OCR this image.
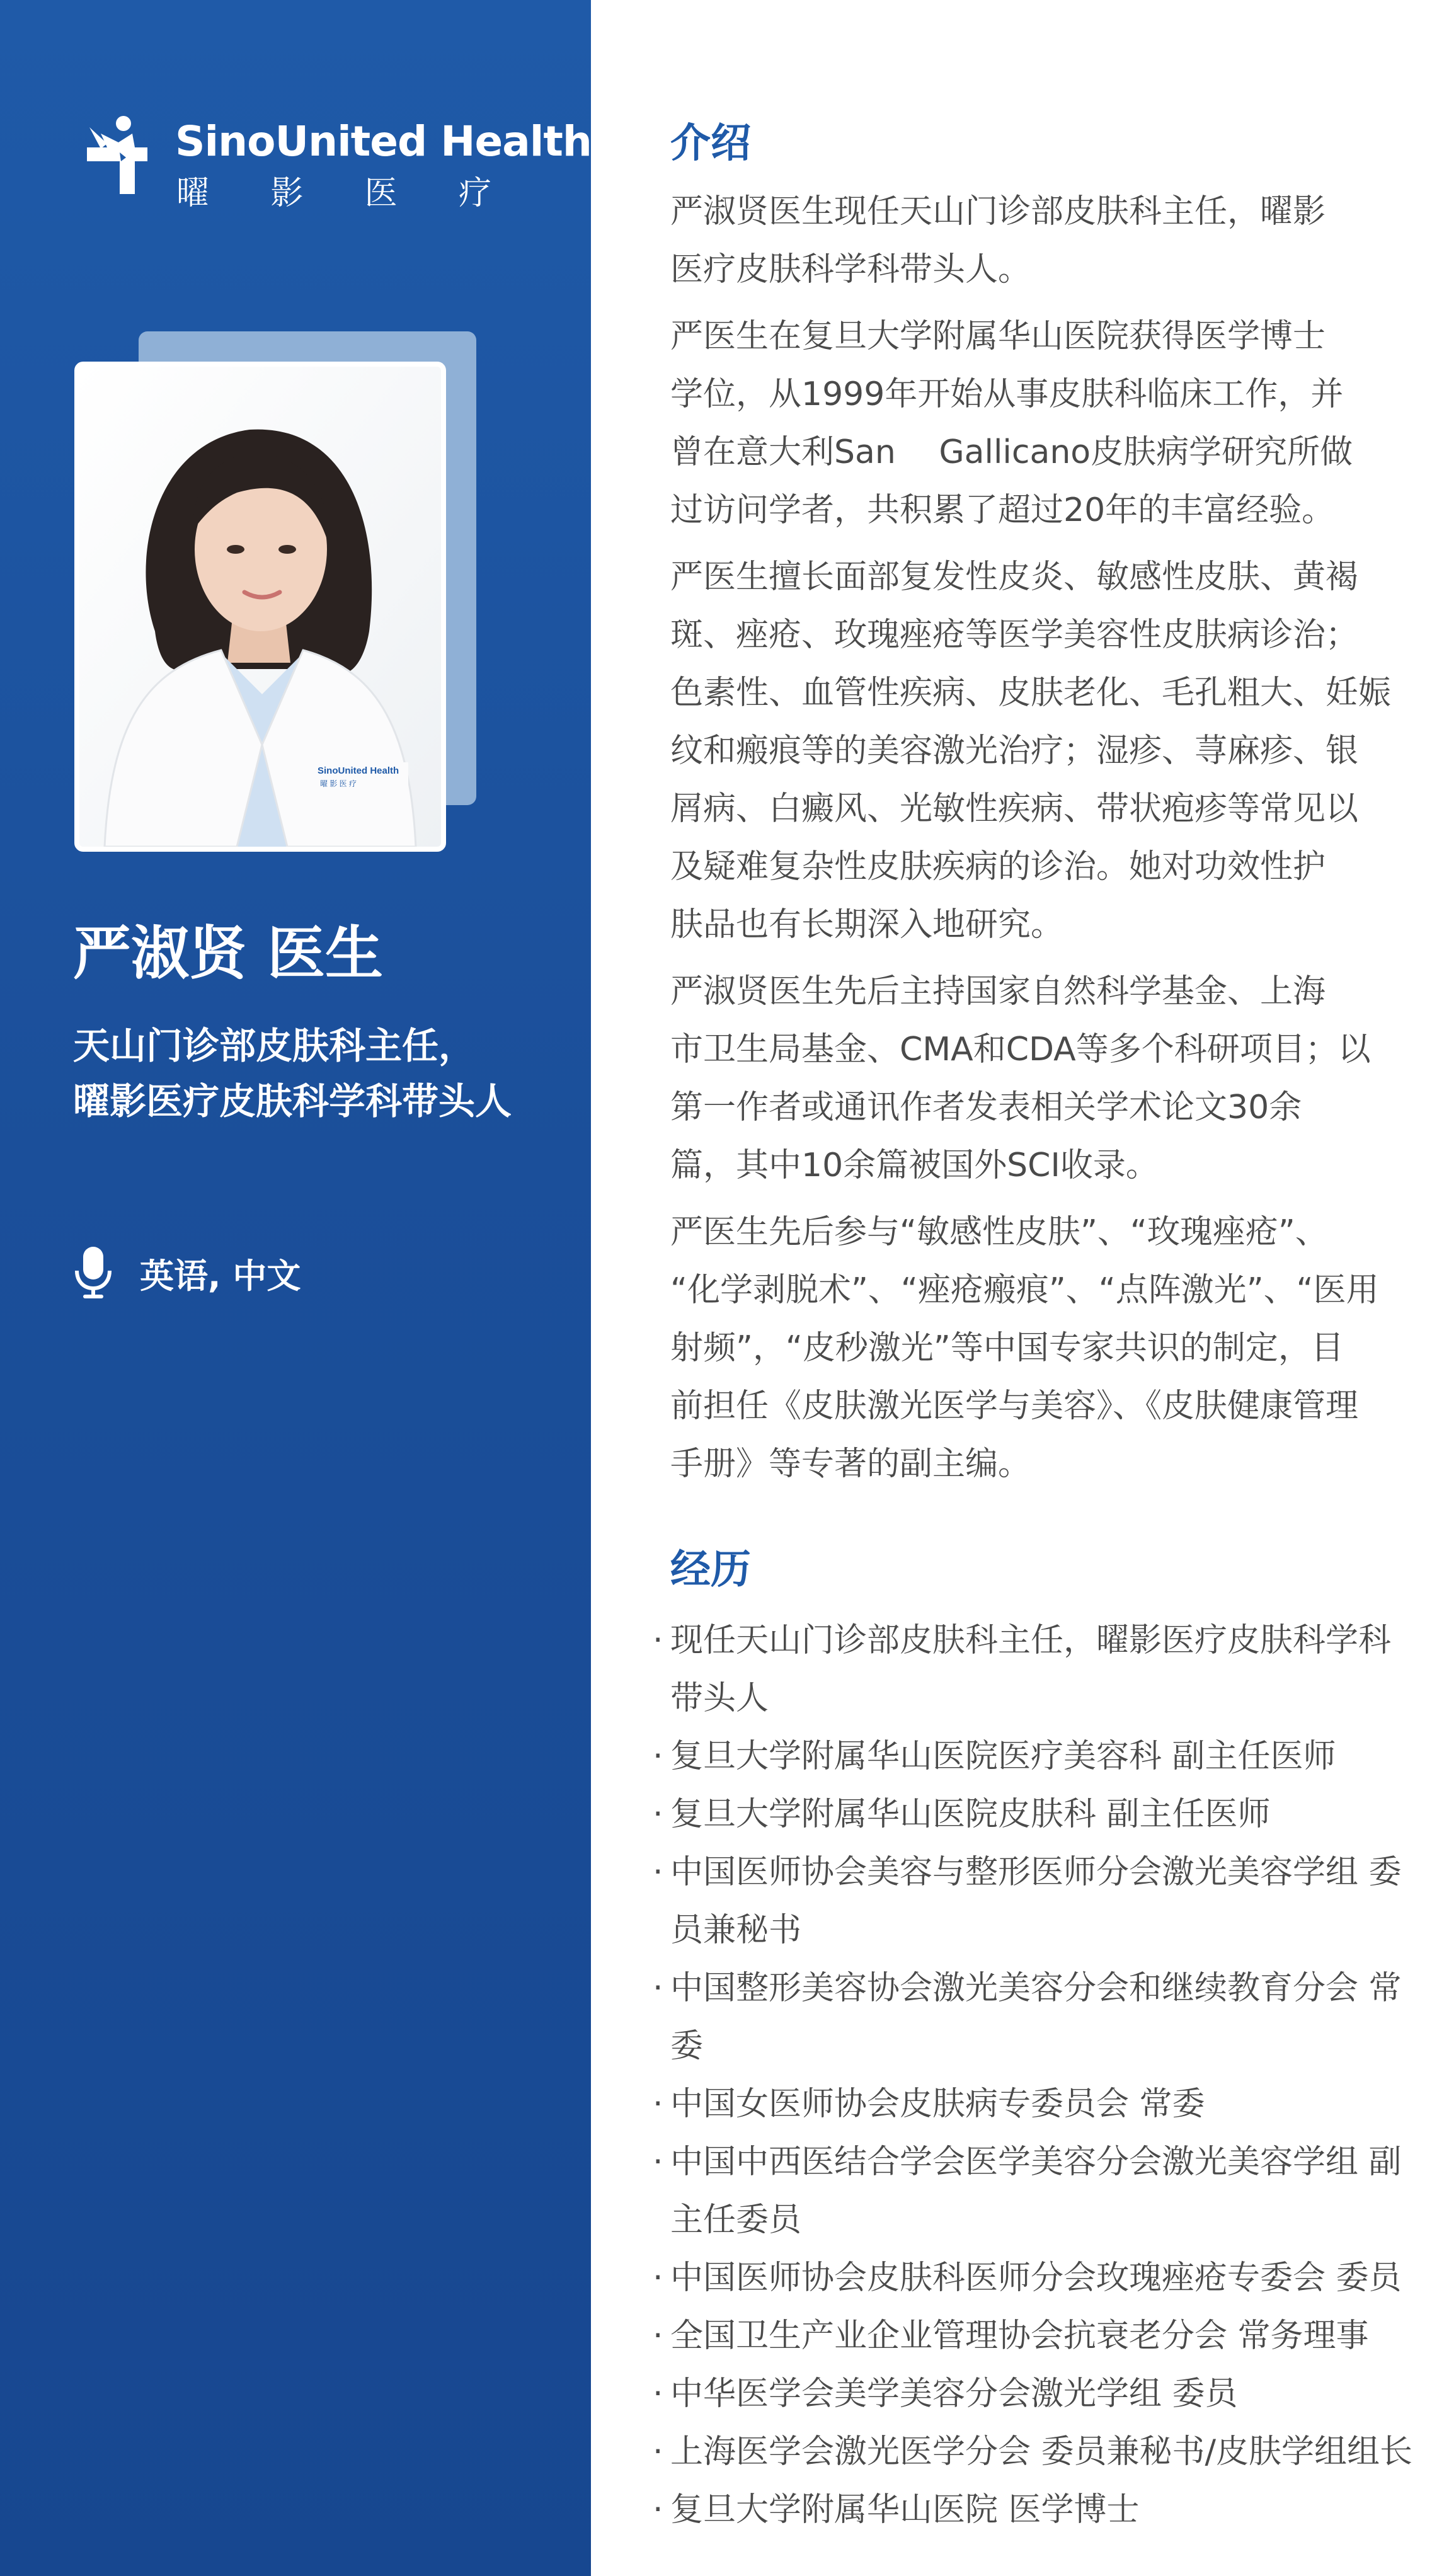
SinoUnited Health
曜 影 医 疗
SinoUnited Health
曜 影 医 疗
严淑贤 医生
天山门诊部皮肤科主任，
曜影医疗皮肤科学科带头人
英语, 中文
介绍
严淑贤医生现任天山门诊部皮肤科主任，曜影
医疗皮肤科学科带头人。
严医生在复旦大学附属华山医院获得医学博士
学位，从1999年开始从事皮肤科临床工作，并
曾在意大利San　 Gallicano皮肤病学研究所做
过访问学者，共积累了超过20年的丰富经验。
严医生擅长面部复发性皮炎、敏感性皮肤、黄褐
斑、痤疮、玫瑰痤疮等医学美容性皮肤病诊治；
色素性、血管性疾病、皮肤老化、毛孔粗大、妊娠
纹和瘢痕等的美容激光治疗；湿疹、荨麻疹、银
屑病、白癜风、光敏性疾病、带状疱疹等常见以
及疑难复杂性皮肤疾病的诊治。她对功效性护
肤品也有长期深入地研究。
严淑贤医生先后主持国家自然科学基金、上海
市卫生局基金、CMA和CDA等多个科研项目；以
第一作者或通讯作者发表相关学术论文30余
篇，其中10余篇被国外SCI收录。
严医生先后参与“敏感性皮肤”、“玫瑰痤疮”、
“化学剥脱术”、“痤疮瘢痕”、“点阵激光”、“医用
射频”，“皮秒激光”等中国专家共识的制定，目
前担任《皮肤激光医学与美容》、《皮肤健康管理
手册》等专著的副主编。
经历
· 现任天山门诊部皮肤科主任，曜影医疗皮肤科学科
带头人
· 复旦大学附属华山医院医疗美容科 副主任医师
· 复旦大学附属华山医院皮肤科 副主任医师
· 中国医师协会美容与整形医师分会激光美容学组 委
员兼秘书
· 中国整形美容协会激光美容分会和继续教育分会 常委
· 中国女医师协会皮肤病专委员会 常委
· 中国中西医结合学会医学美容分会激光美容学组 副
主任委员
· 中国医师协会皮肤科医师分会玫瑰痤疮专委会 委员
· 全国卫生产业企业管理协会抗衰老分会 常务理事
· 中华医学会美学美容分会激光学组 委员
· 上海医学会激光医学分会 委员兼秘书/皮肤学组组长
· 复旦大学附属华山医院 医学博士
